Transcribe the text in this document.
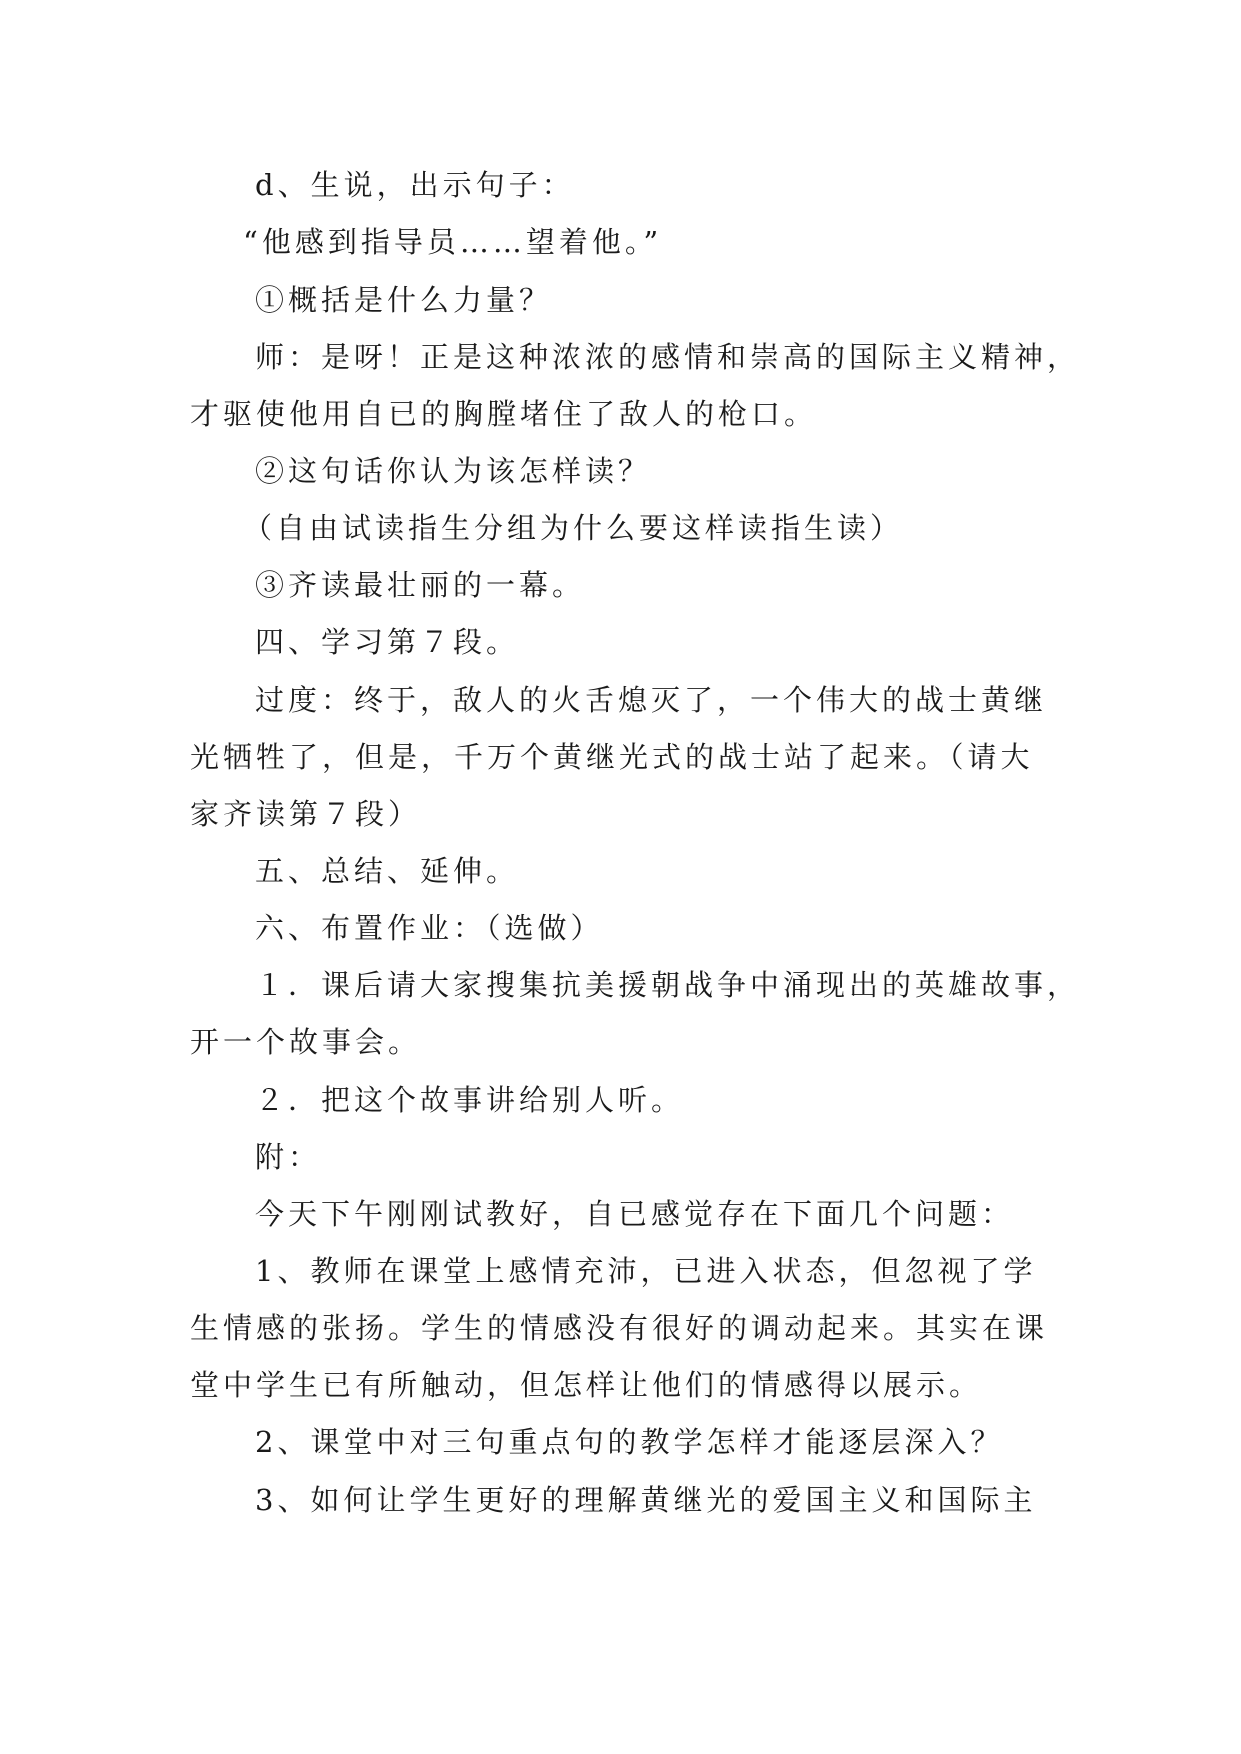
d、生说，出示句子：
“他感到指导员……望着他。”
①概括是什么力量？
师：是呀！正是这种浓浓的感情和崇高的国际主义精神，
才驱使他用自已的胸膛堵住了敌人的枪口。
②这句话你认为该怎样读？
（自由试读指生分组为什么要这样读指生读）
③齐读最壮丽的一幕。
四、学习第７段。
过度：终于，敌人的火舌熄灭了，一个伟大的战士黄继
光牺牲了，但是，千万个黄继光式的战士站了起来。（请大
家齐读第７段）
五、总结、延伸。
六、布置作业：（选做）
１．课后请大家搜集抗美援朝战争中涌现出的英雄故事，
开一个故事会。
２．把这个故事讲给别人听。
附：
今天下午刚刚试教好，自已感觉存在下面几个问题：
1、教师在课堂上感情充沛，已进入状态，但忽视了学
生情感的张扬。学生的情感没有很好的调动起来。其实在课
堂中学生已有所触动，但怎样让他们的情感得以展示。
2、课堂中对三句重点句的教学怎样才能逐层深入？
3、如何让学生更好的理解黄继光的爱国主义和国际主
